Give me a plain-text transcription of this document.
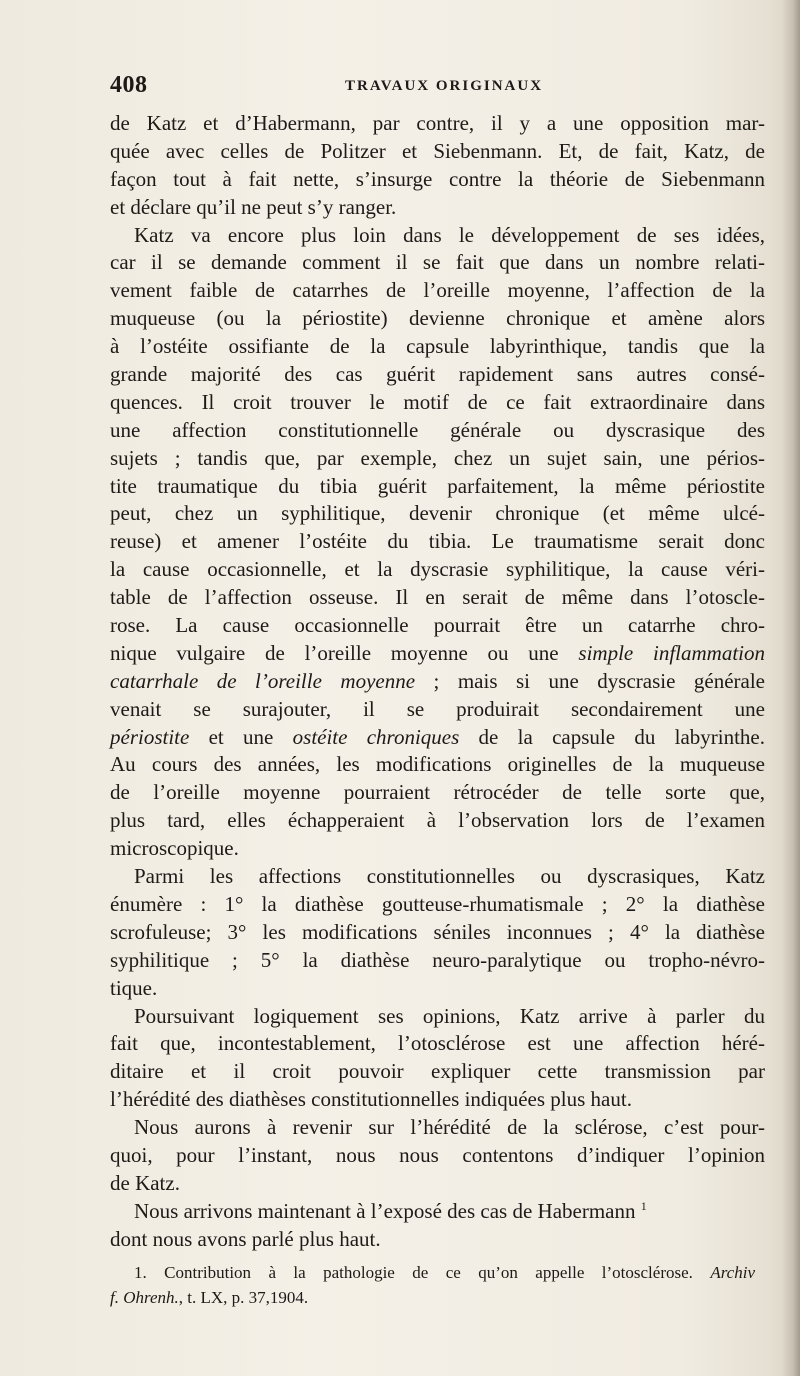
408	TRAVAUX ORIGINAUX
de Katz et d’Habermann, par contre, il y a une opposition mar-
quée avec celles de Politzer et Siebenmann. Et, de fait, Katz, de
façon tout à fait nette, s’insurge contre la théorie de Siebenmann
et déclare qu’il ne peut s’y ranger.
Katz va encore plus loin dans le développement de ses idées,
car il se demande comment il se fait que dans un nombre relati-
vement faible de catarrhes de l’oreille moyenne, l’affection de la
muqueuse (ou la périostite) devienne chronique et amène alors
à l’ostéite ossifiante de la capsule labyrinthique, tandis que la
grande majorité des cas guérit rapidement sans autres consé-
quences. Il croit trouver le motif de ce fait extraordinaire dans
une affection constitutionnelle générale ou dyscrasique des
sujets ; tandis que, par exemple, chez un sujet sain, une périos-
tite traumatique du tibia guérit parfaitement, la même périostite
peut, chez un syphilitique, devenir chronique (et même ulcé-
reuse) et amener l’ostéite du tibia. Le traumatisme serait donc
la cause occasionnelle, et la dyscrasie syphilitique, la cause véri-
table de l’affection osseuse. Il en serait de même dans l’otoscle-
rose. La cause occasionnelle pourrait être un catarrhe chro-
nique vulgaire de l’oreille moyenne ou une simple inflammation
catarrhale de l’oreille moyenne ; mais si une dyscrasie générale
venait se surajouter, il se produirait secondairement une
périostite et une ostéite chroniques de la capsule du labyrinthe.
Au cours des années, les modifications originelles de la muqueuse
de l’oreille moyenne pourraient rétrocéder de telle sorte que,
plus tard, elles échapperaient à l’observation lors de l’examen
microscopique.
Parmi les affections constitutionnelles ou dyscrasiques, Katz
énumère : 1° la diathèse goutteuse-rhumatismale ; 2° la diathèse
scrofuleuse; 3° les modifications séniles inconnues ; 4° la diathèse
syphilitique ; 5° la diathèse neuro-paralytique ou tropho-névro-
tique.
Poursuivant logiquement ses opinions, Katz arrive à parler du
fait que, incontestablement, l’otosclérose est une affection héré-
ditaire et il croit pouvoir expliquer cette transmission par
l’hérédité des diathèses constitutionnelles indiquées plus haut.
Nous aurons à revenir sur l’hérédité de la sclérose, c’est pour-
quoi, pour l’instant, nous nous contentons d’indiquer l’opinion
de Katz.
Nous arrivons maintenant à l’exposé des cas de Habermann $^1$
dont nous avons parlé plus haut.
1. Contribution à la pathologie de ce qu’on appelle l’otosclérose. Archiv
f. Ohrenh., t. LX, p. 37,1904.
